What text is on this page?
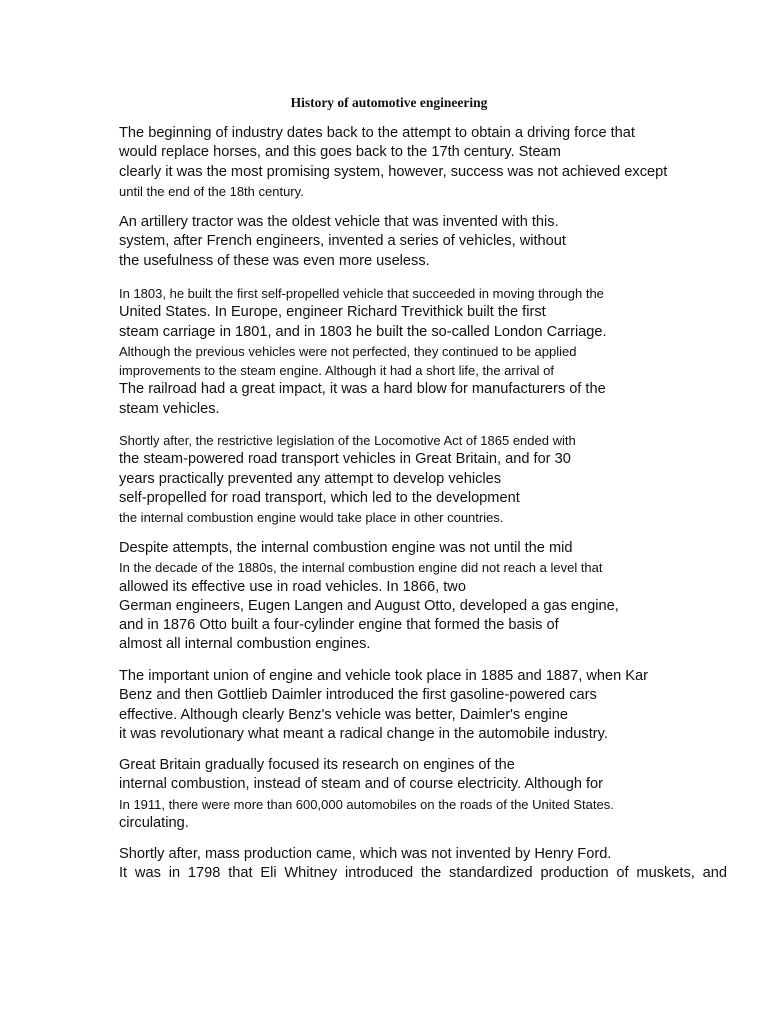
History of automotive engineering
The beginning of industry dates back to the attempt to obtain a driving force that
would replace horses, and this goes back to the 17th century. Steam
clearly it was the most promising system, however, success was not achieved except
until the end of the 18th century.
An artillery tractor was the oldest vehicle that was invented with this.
system, after French engineers, invented a series of vehicles, without
the usefulness of these was even more useless.
In 1803, he built the first self-propelled vehicle that succeeded in moving through the
United States. In Europe, engineer Richard Trevithick built the first
steam carriage in 1801, and in 1803 he built the so-called London Carriage.
Although the previous vehicles were not perfected, they continued to be applied
improvements to the steam engine. Although it had a short life, the arrival of
The railroad had a great impact, it was a hard blow for manufacturers of the
steam vehicles.
Shortly after, the restrictive legislation of the Locomotive Act of 1865 ended with
the steam-powered road transport vehicles in Great Britain, and for 30
years practically prevented any attempt to develop vehicles
self-propelled for road transport, which led to the development
the internal combustion engine would take place in other countries.
Despite attempts, the internal combustion engine was not until the mid
In the decade of the 1880s, the internal combustion engine did not reach a level that
allowed its effective use in road vehicles. In 1866, two
German engineers, Eugen Langen and August Otto, developed a gas engine,
and in 1876 Otto built a four-cylinder engine that formed the basis of
almost all internal combustion engines.
The important union of engine and vehicle took place in 1885 and 1887, when Kar
Benz and then Gottlieb Daimler introduced the first gasoline-powered cars
effective. Although clearly Benz's vehicle was better, Daimler's engine
it was revolutionary what meant a radical change in the automobile industry.
Great Britain gradually focused its research on engines of the
internal combustion, instead of steam and of course electricity. Although for
In 1911, there were more than 600,000 automobiles on the roads of the United States.
circulating.
Shortly after, mass production came, which was not invented by Henry Ford.
It was in 1798 that Eli Whitney introduced the standardized production of muskets, and
